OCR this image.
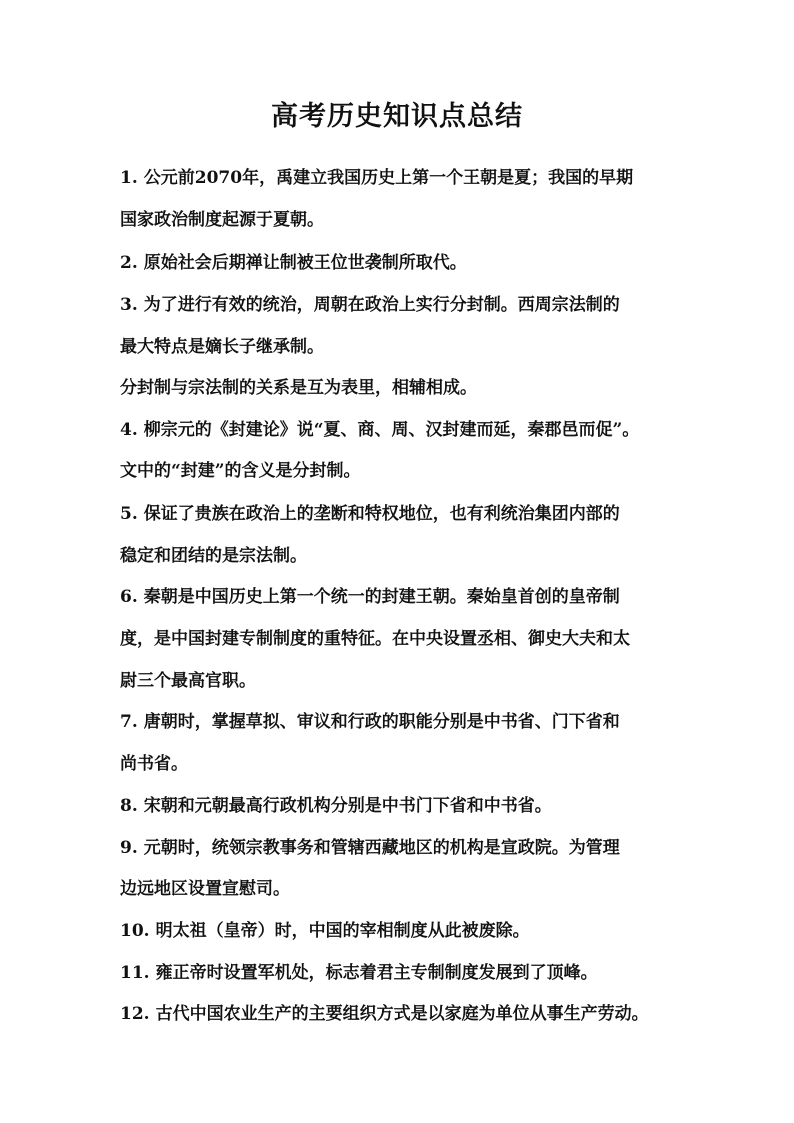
高考历史知识点总结
1. 公元前2070年，禹建立我国历史上第一个王朝是夏；我国的早期
国家政治制度起源于夏朝。
2. 原始社会后期禅让制被王位世袭制所取代。
3. 为了进行有效的统治，周朝在政治上实行分封制。西周宗法制的
最大特点是嫡长子继承制。
分封制与宗法制的关系是互为表里，相辅相成。
4. 柳宗元的《封建论》说“夏、商、周、汉封建而延，秦郡邑而促”。
文中的“封建”的含义是分封制。
5. 保证了贵族在政治上的垄断和特权地位，也有利统治集团内部的
稳定和团结的是宗法制。
6. 秦朝是中国历史上第一个统一的封建王朝。秦始皇首创的皇帝制
度，是中国封建专制制度的重特征。在中央设置丞相、御史大夫和太
尉三个最高官职。
7. 唐朝时，掌握草拟、审议和行政的职能分别是中书省、门下省和
尚书省。
8. 宋朝和元朝最高行政机构分别是中书门下省和中书省。
9. 元朝时，统领宗教事务和管辖西藏地区的机构是宣政院。为管理
边远地区设置宣慰司。
10. 明太祖（皇帝）时，中国的宰相制度从此被废除。
11. 雍正帝时设置军机处，标志着君主专制制度发展到了顶峰。
12. 古代中国农业生产的主要组织方式是以家庭为单位从事生产劳动。
